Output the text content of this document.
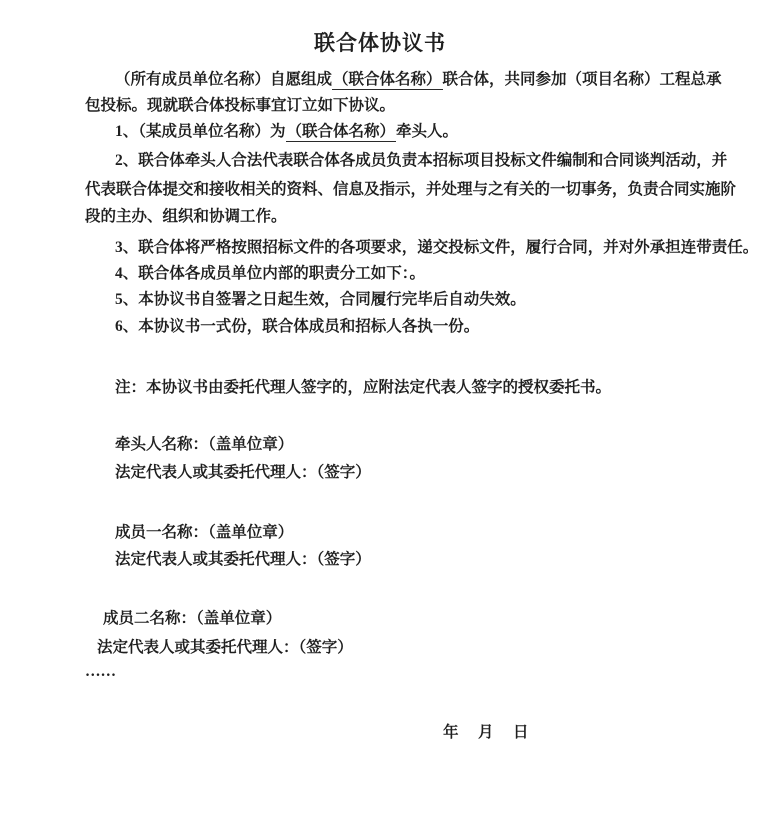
联合体协议书
（所有成员单位名称）自愿组成（联合体名称）联合体，共同参加（项目名称）工程总承
包投标。现就联合体投标事宜订立如下协议。
1、（某成员单位名称）为（联合体名称）牵头人。
2、联合体牵头人合法代表联合体各成员负责本招标项目投标文件编制和合同谈判活动，并
代表联合体提交和接收相关的资料、信息及指示，并处理与之有关的一切事务，负责合同实施阶
段的主办、组织和协调工作。
3、联合体将严格按照招标文件的各项要求，递交投标文件，履行合同，并对外承担连带责任。
4、联合体各成员单位内部的职责分工如下：。
5、本协议书自签署之日起生效，合同履行完毕后自动失效。
6、本协议书一式份，联合体成员和招标人各执一份。
注：本协议书由委托代理人签字的，应附法定代表人签字的授权委托书。
牵头人名称：（盖单位章）
法定代表人或其委托代理人：（签字）
成员一名称：（盖单位章）
法定代表人或其委托代理人：（签字）
成员二名称：（盖单位章）
法定代表人或其委托代理人：（签字）
……
年　月　日
